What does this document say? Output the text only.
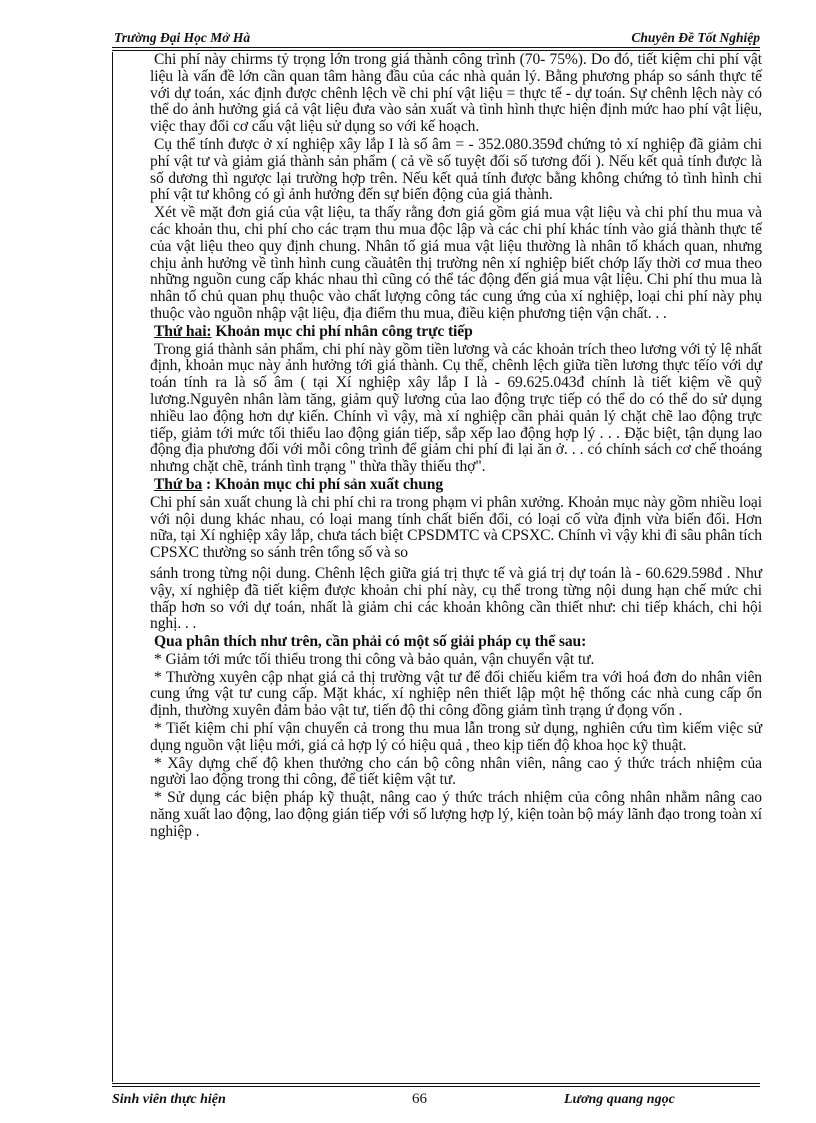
Trường Đại Học Mở Hà	Chuyên Đề Tốt Nghiệp

Chi phí này chirms tỷ trọng lớn trong giá thành công trình (70- 75%). Do đó, tiết kiệm chi phí vật liệu là vấn đề lớn cần quan tâm hàng đầu của các nhà quản lý. Bằng phương pháp so sánh thực tế với dự toán, xác định được chênh lệch về chi phí vật liệu = thực tế - dự toán. Sự chênh lệch này có thể do ảnh hưởng giá cả vật liệu đưa vào sản xuất và tình hình thực hiện định mức hao phí vật liệu, việc thay đổi cơ cấu vật liệu sử dụng so với kế hoạch.

Cụ thể tính được ở xí nghiệp xây lắp I là số âm = - 352.080.359đ chứng tỏ xí nghiệp đã giảm chi phí vật tư và giảm giá thành sản phẩm ( cả về số tuyệt đối số tương đối ). Nếu kết quả tính được là số dương thì ngược lại trường hợp trên. Nếu kết quả tính được bằng không chứng tỏ tình hình chi phí vật tư không có gì ảnh hưởng đến sự biến động của giá thành.

Xét về mặt đơn giá của vật liệu, ta thấy rằng đơn giá gồm giá mua vật liệu và chi phí thu mua và các khoản thu, chi phí cho các trạm thu mua độc lập và các chi phí khác tính vào giá thành thực tế của vật liệu theo quy định chung. Nhân tố giá mua vật liệu thường là nhân tố khách quan, nhưng chịu ảnh hưởng về tình hình cung cầuảtên thị trường nên xí nghiệp biết chớp lấy thời cơ mua theo những nguồn cung cấp khác nhau thì cũng có thể tác động đến giá mua vật liệu. Chi phí thu mua là nhân tố chủ quan phụ thuộc vào chất lượng công tác cung ứng của xí nghiệp, loại chi phí này phụ thuộc vào nguồn nhập vật liệu, địa điểm thu mua, điều kiện phương tiện vận chất. . .

Thứ hai: Khoản mục chi phí nhân công trực tiếp

Trong giá thành sản phẩm, chi phí này gồm tiền lương và các khoản trích theo lương với tỷ lệ nhất định, khoản mục này ảnh hưởng tới giá thành. Cụ thể, chênh lệch giữa tiền lương thực tếío với dự toán tính ra là số âm ( tại Xí nghiệp xây lắp I là - 69.625.043đ chính là tiết kiệm về quỹ lương.Nguyên nhân làm tăng, giảm quỹ lương của lao động trực tiếp có thể do có thể do sử dụng nhiều lao động hơn dự kiến. Chính vì vậy, mà xí nghiệp cần phải quản lý chặt chẽ lao động trực tiếp, giảm tới mức tối thiểu lao động gián tiếp, sắp xếp lao động hợp lý . . . Đặc biệt, tận dụng lao động địa phương đối với mỗi công trình để giảm chi phí đi lại ăn ở. . . có chính sách cơ chế thoáng nhưng chặt chẽ, tránh tình trạng " thừa thầy thiếu thợ".

Thứ ba : Khoản mục chi phí sản xuất chung

Chi phí sản xuất chung là chi phí chi ra trong phạm vi phân xưởng. Khoản mục này gồm nhiều loại với nội dung khác nhau, có loại mang tính chất biến đổi, có loại cố vừa định vừa biến đổi. Hơn nữa, tại Xí nghiệp xây lắp, chưa tách biệt CPSDMTC và CPSXC. Chính vì vậy khi đi sâu phân tích CPSXC thường so sánh trên tổng số và so

sánh trong từng nội dung. Chênh lệch giữa giá trị thực tế và giá trị dự toán là - 60.629.598đ . Như vậy, xí nghiệp đã tiết kiệm được khoản chi phí này, cụ thể trong từng nội dung hạn chế mức chi thấp hơn so với dự toán, nhất là giảm chi các khoản không cần thiết như: chi tiếp khách, chi hội nghị. . .

Qua phân thích như trên, cần phải có một số giải pháp cụ thể sau:

* Giảm tới mức tối thiểu trong thi công và bảo quản, vận chuyển vật tư.

* Thường xuyên cập nhạt giá cả thị trường vật tư để đối chiếu kiểm tra với hoá đơn do nhân viên cung ứng vật tư cung cấp. Mặt khác, xí nghiệp nên thiết lập một hệ thống các nhà cung cấp ổn định, thường xuyên đảm bảo vật tư, tiến độ thi công đồng giảm tình trạng ứ đọng vốn .

* Tiết kiệm chi phí vận chuyển cả trong thu mua lẫn trong sử dụng, nghiên cứu tìm kiếm việc sử dụng nguồn vật liệu mới, giá cả hợp lý có hiệu quả , theo kịp tiến độ khoa học kỹ thuật.

* Xây dựng chế độ khen thưởng cho cán bộ công nhân viên, nâng cao ý thức trách nhiệm của người lao động trong thi công, để tiết kiệm vật tư.

* Sử dụng các biện pháp kỹ thuật, nâng cao ý thức trách nhiệm của công nhân nhằm nâng cao năng xuất lao động, lao động gián tiếp với số lượng hợp lý, kiện toàn bộ máy lãnh đạo trong toàn xí nghiệp .

Sinh viên thực hiện	66	Lương quang ngọc
